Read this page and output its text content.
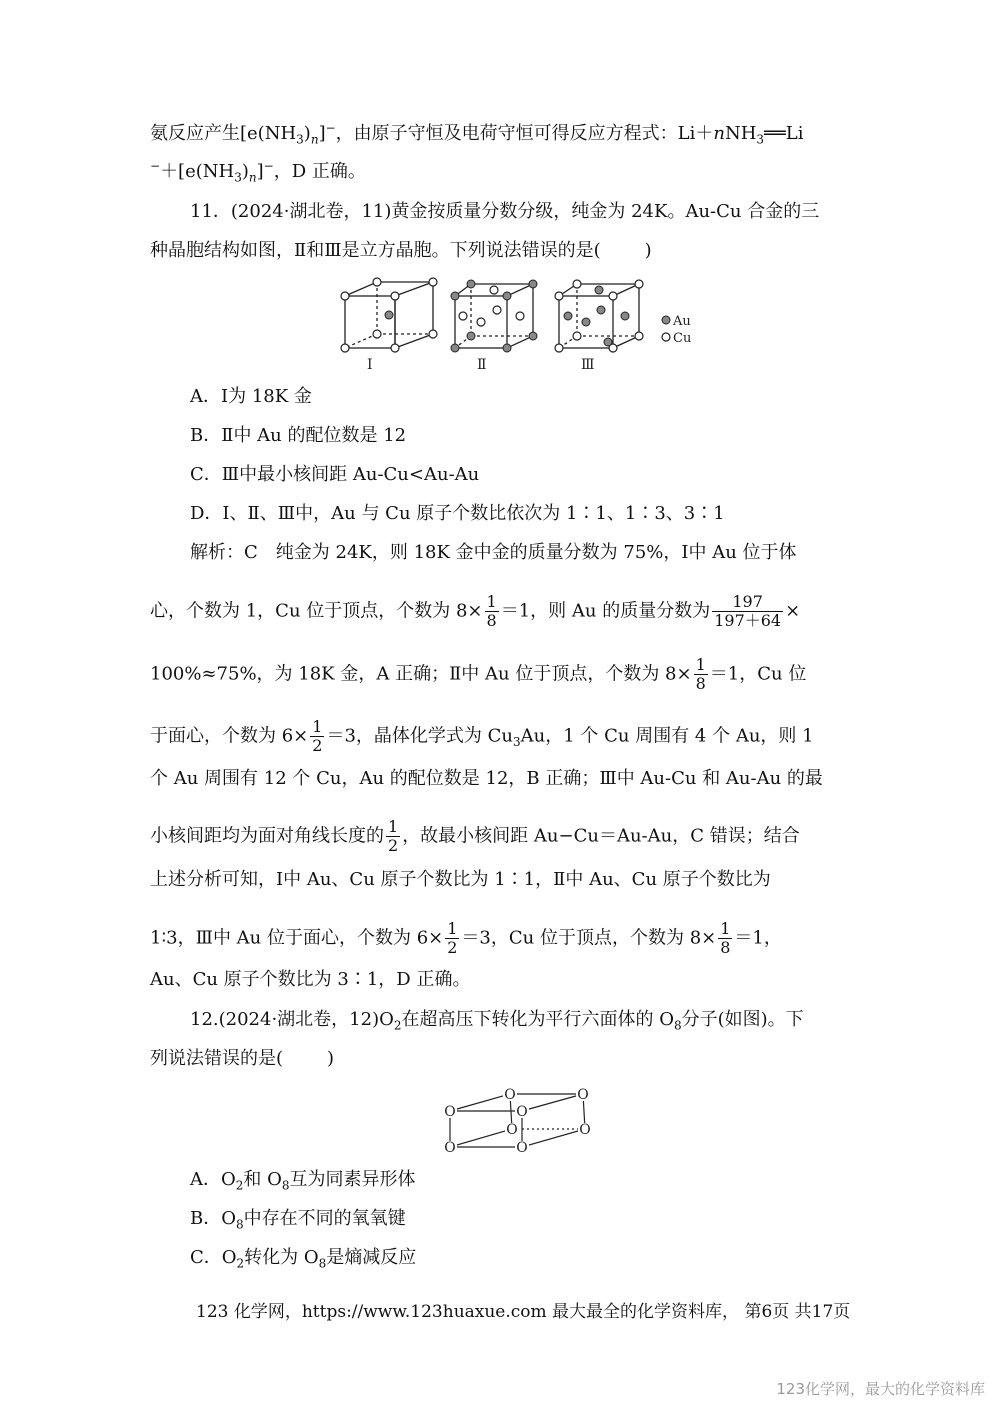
氨反应产生$[e(NH_3)_n]^-$，由原子守恒及电荷守恒可得反应方程式：Li＋nNH$_3$══Li
$^-+[e(NH_3)_n]^-$，D 正确。
11．(2024·湖北卷，11)黄金按质量分数分级，纯金为 24K。Au-Cu 合金的三
种晶胞结构如图，Ⅱ和Ⅲ是立方晶胞。下列说法错误的是( )
Au
Cu
Ⅰ	Ⅱ	Ⅲ
A．Ⅰ为 18K 金
B．Ⅱ中 Au 的配位数是 12
C．Ⅲ中最小核间距 Au-Cu<Au-Au
D．Ⅰ、Ⅱ、Ⅲ中，Au 与 Cu 原子个数比依次为 1∶1、1∶3、3∶1
解析：C　纯金为 24K，则 18K 金中金的质量分数为 75%，Ⅰ中 Au 位于体
心，个数为 1，Cu 位于顶点，个数为 $8\times \frac{1}{8} =1$，则 Au 的质量分数为 $\frac{197}{197+64}$ ×
100%≈75%，为 18K 金，A 正确；Ⅱ中 Au 位于顶点，个数为 $8\times \frac{1}{8} =1$，Cu 位
于面心，个数为 $6\times \frac{1}{2} =3$，晶体化学式为 $Cu_3Au$，1 个 Cu 周围有 4 个 Au，则 1
个 Au 周围有 12 个 Cu，Au 的配位数是 12，B 正确；Ⅲ中 Au-Cu 和 Au-Au 的最
小核间距均为面对角线长度的 $\frac{1}{2}$ ，故最小核间距 Au−Cu＝Au-Au，C 错误；结合
上述分析可知，Ⅰ中 Au、Cu 原子个数比为 1∶1，Ⅱ中 Au、Cu 原子个数比为
1∶3，Ⅲ中 Au 位于面心，个数为 $6\times \frac{1}{2} =3$，Cu 位于顶点，个数为 $8\times \frac{1}{8} =1$，
Au、Cu 原子个数比为 3∶1，D 正确。
12.(2024·湖北卷，$12)O_2$在超高压下转化为平行六面体的 $O_8$分子(如图)。下
列说法错误的是( )
O
O	O
O
O	O
O	O
A．$O_2$和 $O_8$互为同素异形体
B．$O_8$中存在不同的氧氧键
C．$O_2$转化为 $O_8$是熵减反应
123 化学网，https://www.123huaxue.com 最大最全的化学资料库， 第6页 共17页
123化学网，最大的化学资料库
